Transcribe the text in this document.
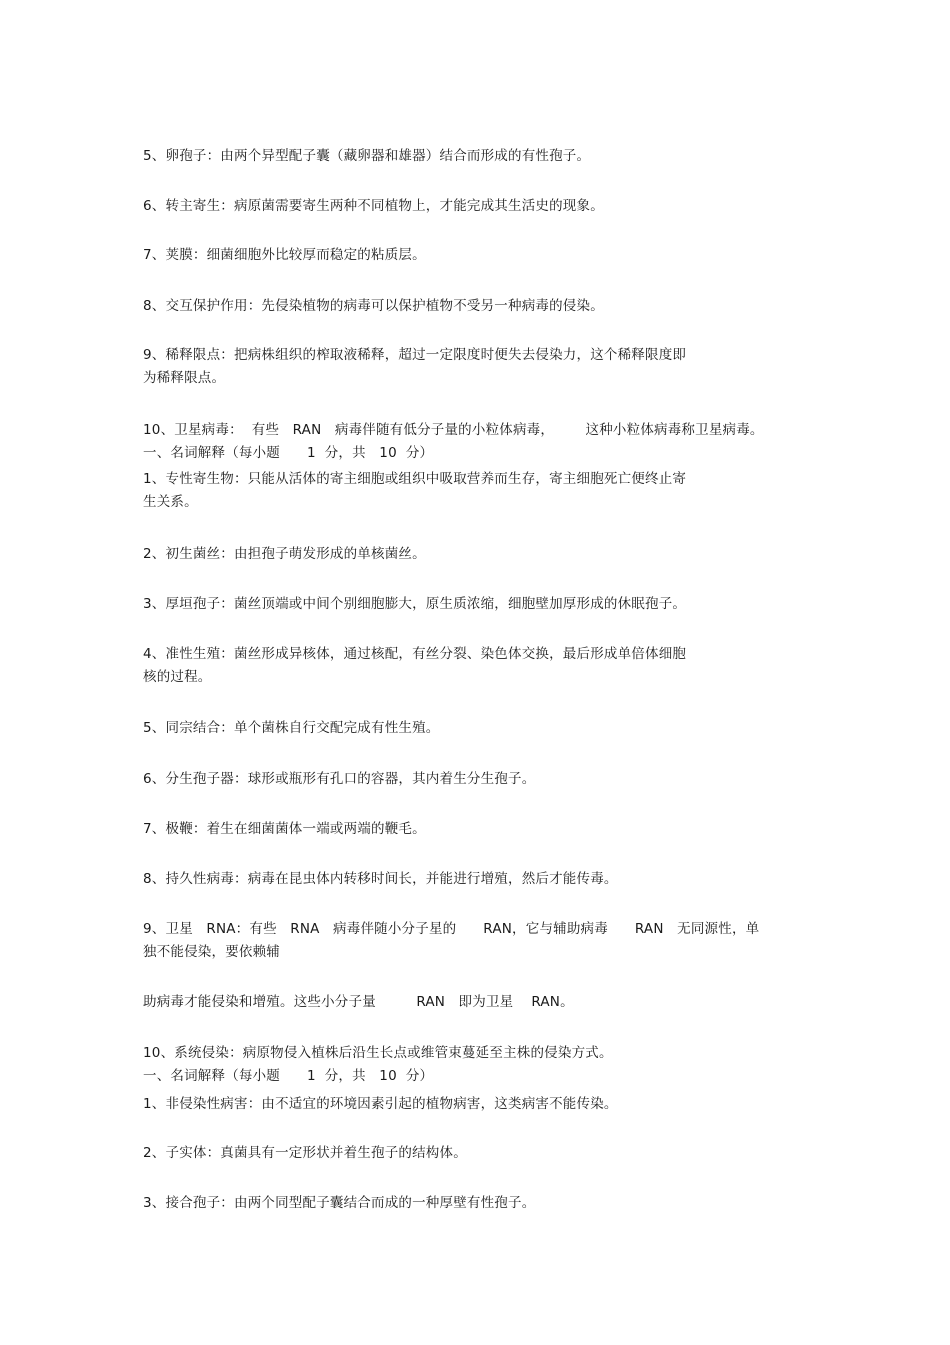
5、卵孢子：由两个异型配子囊（藏卵器和雄器）结合而形成的有性孢子。
6、转主寄生：病原菌需要寄生两种不同植物上，才能完成其生活史的现象。
7、荚膜：细菌细胞外比较厚而稳定的粘质层。
8、交互保护作用：先侵染植物的病毒可以保护植物不受另一种病毒的侵染。
9、稀释限点：把病株组织的榨取液稀释，超过一定限度时便失去侵染力，这个稀释限度即
为稀释限点。
10、卫星病毒：  有些   RAN   病毒伴随有低分子量的小粒体病毒，       这种小粒体病毒称卫星病毒。
一、名词解释（每小题      1  分，共   10  分）
1、专性寄生物：只能从活体的寄主细胞或组织中吸取营养而生存，寄主细胞死亡便终止寄
生关系。
2、初生菌丝：由担孢子萌发形成的单核菌丝。
3、厚垣孢子：菌丝顶端或中间个别细胞膨大，原生质浓缩，细胞壁加厚形成的休眠孢子。
4、准性生殖：菌丝形成异核体，通过核配，有丝分裂、染色体交换，最后形成单倍体细胞
核的过程。
5、同宗结合：单个菌株自行交配完成有性生殖。
6、分生孢子器：球形或瓶形有孔口的容器，其内着生分生孢子。
7、极鞭：着生在细菌菌体一端或两端的鞭毛。
8、持久性病毒：病毒在昆虫体内转移时间长，并能进行增殖，然后才能传毒。
9、卫星   RNA：有些   RNA   病毒伴随小分子星的      RAN，它与辅助病毒      RAN   无同源性，单
独不能侵染，要依赖辅
助病毒才能侵染和增殖。这些小分子量         RAN   即为卫星    RAN。
10、系统侵染：病原物侵入植株后沿生长点或维管束蔓延至主株的侵染方式。
一、名词解释（每小题      1  分，共   10  分）
1、非侵染性病害：由不适宜的环境因素引起的植物病害，这类病害不能传染。
2、子实体：真菌具有一定形状并着生孢子的结构体。
3、接合孢子：由两个同型配子囊结合而成的一种厚壁有性孢子。
